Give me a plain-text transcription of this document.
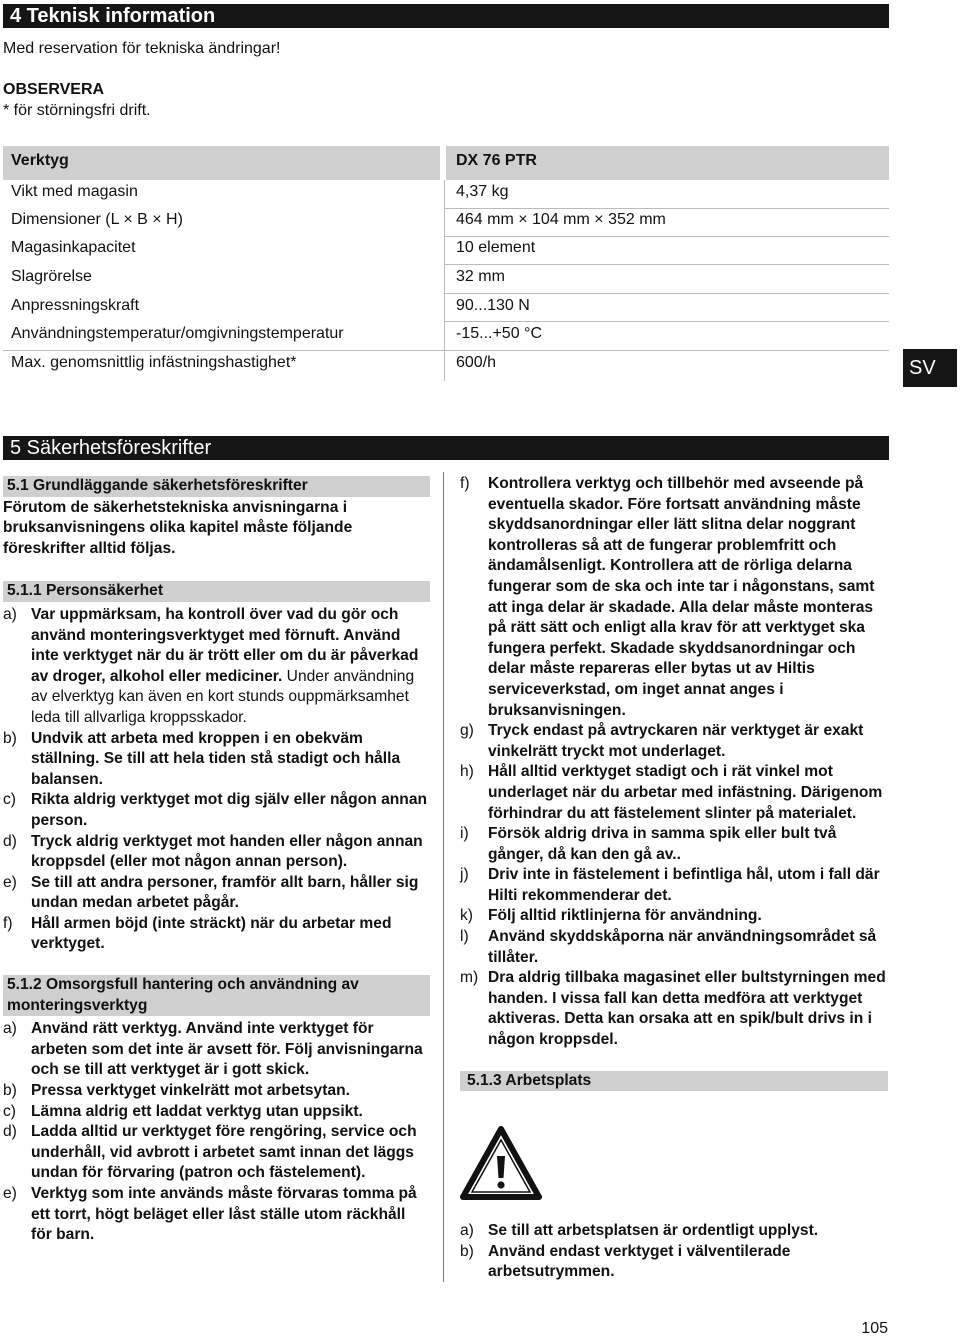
4 Teknisk information
Med reservation för tekniska ändringar!
OBSERVERA
* för störningsfri drift.
Verktyg	DX 76 PTR
Vikt med magasin	4,37 kg
Dimensioner (L × B × H)	464 mm × 104 mm × 352 mm
Magasinkapacitet	10 element
Slagrörelse	32 mm
Anpressningskraft	90...130 N
Användningstemperatur/omgivningstemperatur	-15...+50 °C
Max. genomsnittlig infästningshastighet*	600/h	SV
5 Säkerhetsföreskrifter

5.1 Grundläggande säkerhetsföreskrifter

Förutom de säkerhetstekniska anvisningarna i bruksanvisningens olika kapitel måste följande föreskrifter alltid följas.

5.1.1 Personsäkerhet

a) Var uppmärksam, ha kontroll över vad du gör och använd monteringsverktyget med förnuft. Använd inte verktyget när du är trött eller om du är påverkad av droger, alkohol eller mediciner. Under användning av elverktyg kan även en kort stunds ouppmärksamhet leda till allvarliga kroppsskador.
b) Undvik att arbeta med kroppen i en obekväm ställning. Se till att hela tiden stå stadigt och hålla balansen.
c) Rikta aldrig verktyget mot dig själv eller någon annan person.
d) Tryck aldrig verktyget mot handen eller någon annan kroppsdel (eller mot någon annan person).
e) Se till att andra personer, framför allt barn, håller sig undan medan arbetet pågår.
f) Håll armen böjd (inte sträckt) när du arbetar med verktyget.

5.1.2 Omsorgsfull hantering och användning av monteringsverktyg

a) Använd rätt verktyg. Använd inte verktyget för arbeten som det inte är avsett för. Följ anvisningarna och se till att verktyget är i gott skick.
b) Pressa verktyget vinkelrätt mot arbetsytan.
c) Lämna aldrig ett laddat verktyg utan uppsikt.
d) Ladda alltid ur verktyget före rengöring, service och underhåll, vid avbrott i arbetet samt innan det läggs undan för förvaring (patron och fästelement).
e) Verktyg som inte används måste förvaras tomma på ett torrt, högt beläget eller låst ställe utom räckhåll för barn.
f) Kontrollera verktyg och tillbehör med avseende på eventuella skador. Före fortsatt användning måste skyddsanordningar eller lätt slitna delar noggrant kontrolleras så att de fungerar problemfritt och ändamålsenligt. Kontrollera att de rörliga delarna fungerar som de ska och inte tar i någonstans, samt att inga delar är skadade. Alla delar måste monteras på rätt sätt och enligt alla krav för att verktyget ska fungera perfekt. Skadade skyddsanordningar och delar måste repareras eller bytas ut av Hiltis serviceverkstad, om inget annat anges i bruksanvisningen.
g) Tryck endast på avtryckaren när verktyget är exakt vinkelrätt tryckt mot underlaget.
h) Håll alltid verktyget stadigt och i rät vinkel mot underlaget när du arbetar med infästning. Därigenom förhindrar du att fästelement slinter på materialet.
i) Försök aldrig driva in samma spik eller bult två gånger, då kan den gå av..
j) Driv inte in fästelement i befintliga hål, utom i fall där Hilti rekommenderar det.
k) Följ alltid riktlinjerna för användning.
l) Använd skyddskåporna när användningsområdet så tillåter.
m) Dra aldrig tillbaka magasinet eller bultstyrningen med handen. I vissa fall kan detta medföra att verktyget aktiveras. Detta kan orsaka att en spik/bult drivs in i någon kroppsdel.

5.1.3 Arbetsplats

a) Se till att arbetsplatsen är ordentligt upplyst.
b) Använd endast verktyget i välventilerade arbetsutrymmen.
105
